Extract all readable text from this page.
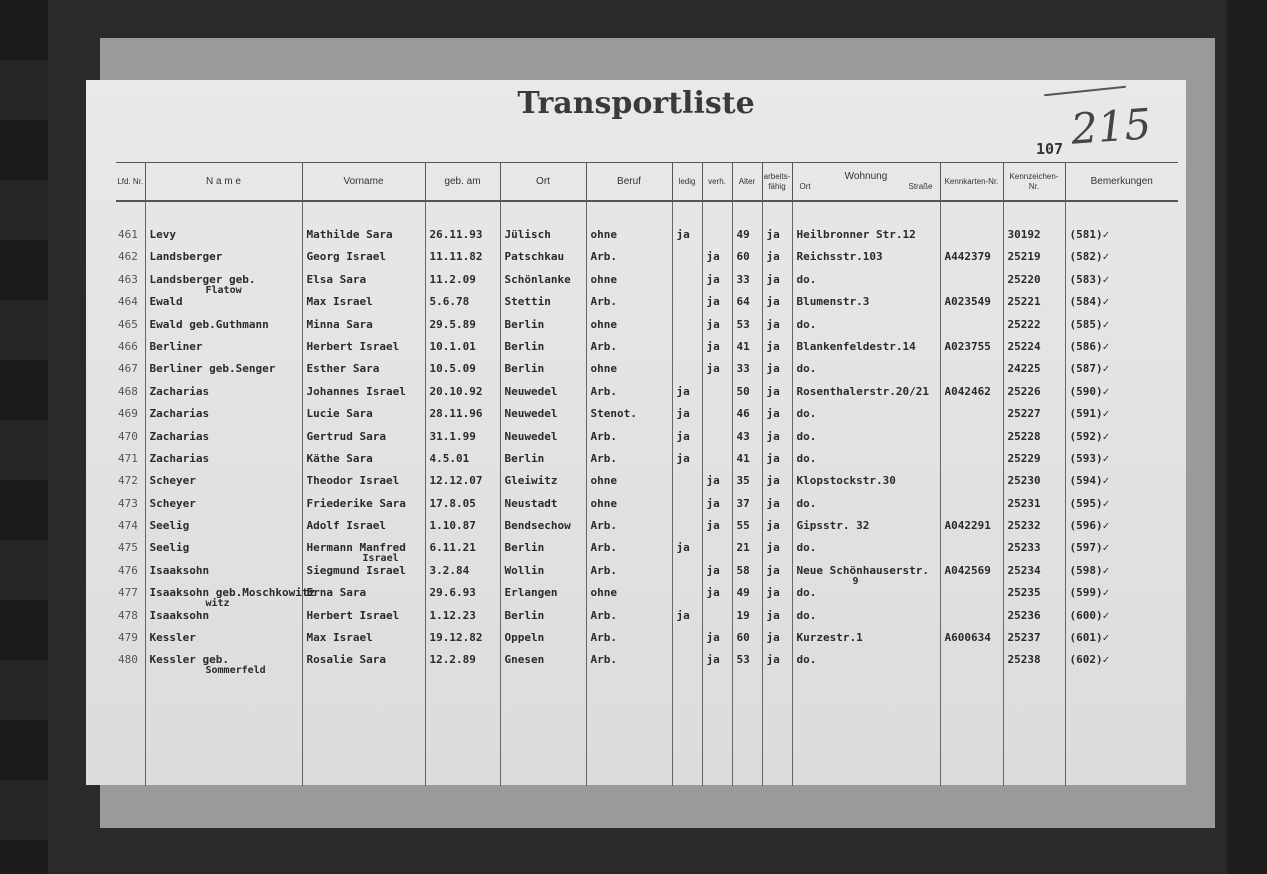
Transportliste	215
107
Lfd. Nr.	N a m e	Vorname	geb. am	Ort	Beruf	ledig	verh.	Alter	arbeits-fähig	Wohnung
Ort Straße	Kennkarten-Nr.	Kennzeichen-Nr.	Bemerkungen

461	Levy	Mathilde Sara	26.11.93	Jülisch	ohne	ja		49	ja	Heilbronner Str.12		30192	(581)✓
462	Landsberger	Georg Israel	11.11.82	Patschkau	Arb.		ja	60	ja	Reichsstr.103	A442379	25219	(582)✓
463	Landsberger geb.
Flatow	Elsa Sara	11.2.09	Schönlanke	ohne		ja	33	ja	do.		25220	(583)✓
464	Ewald	Max Israel	5.6.78	Stettin	Arb.		ja	64	ja	Blumenstr.3	A023549	25221	(584)✓
465	Ewald geb.Guthmann	Minna Sara	29.5.89	Berlin	ohne		ja	53	ja	do.		25222	(585)✓
466	Berliner	Herbert Israel	10.1.01	Berlin	Arb.		ja	41	ja	Blankenfeldestr.14	A023755	25224	(586)✓
467	Berliner geb.Senger	Esther Sara	10.5.09	Berlin	ohne		ja	33	ja	do.		24225	(587)✓
468	Zacharias	Johannes Israel	20.10.92	Neuwedel	Arb.	ja		50	ja	Rosenthalerstr.20/21	A042462	25226	(590)✓
469	Zacharias	Lucie Sara	28.11.96	Neuwedel	Stenot.	ja		46	ja	do.		25227	(591)✓
470	Zacharias	Gertrud Sara	31.1.99	Neuwedel	Arb.	ja		43	ja	do.		25228	(592)✓
471	Zacharias	Käthe Sara	4.5.01	Berlin	Arb.	ja		41	ja	do.		25229	(593)✓
472	Scheyer	Theodor Israel	12.12.07	Gleiwitz	ohne		ja	35	ja	Klopstockstr.30		25230	(594)✓
473	Scheyer	Friederike Sara	17.8.05	Neustadt	ohne		ja	37	ja	do.		25231	(595)✓
474	Seelig	Adolf Israel	1.10.87	Bendsechow	Arb.		ja	55	ja	Gipsstr. 32	A042291	25232	(596)✓
475	Seelig	Hermann Manfred
Israel	6.11.21	Berlin	Arb.	ja		21	ja	do.		25233	(597)✓
476	Isaaksohn	Siegmund Israel	3.2.84	Wollin	Arb.		ja	58	ja	Neue Schönhauserstr.
9	A042569	25234	(598)✓
477	Isaaksohn geb.Moschkowitz
witz	Erna Sara	29.6.93	Erlangen	ohne		ja	49	ja	do.		25235	(599)✓
478	Isaaksohn	Herbert Israel	1.12.23	Berlin	Arb.	ja		19	ja	do.		25236	(600)✓
479	Kessler	Max Israel	19.12.82	Oppeln	Arb.		ja	60	ja	Kurzestr.1	A600634	25237	(601)✓
480	Kessler geb.
Sommerfeld	Rosalie Sara	12.2.89	Gnesen	Arb.		ja	53	ja	do.		25238	(602)✓
